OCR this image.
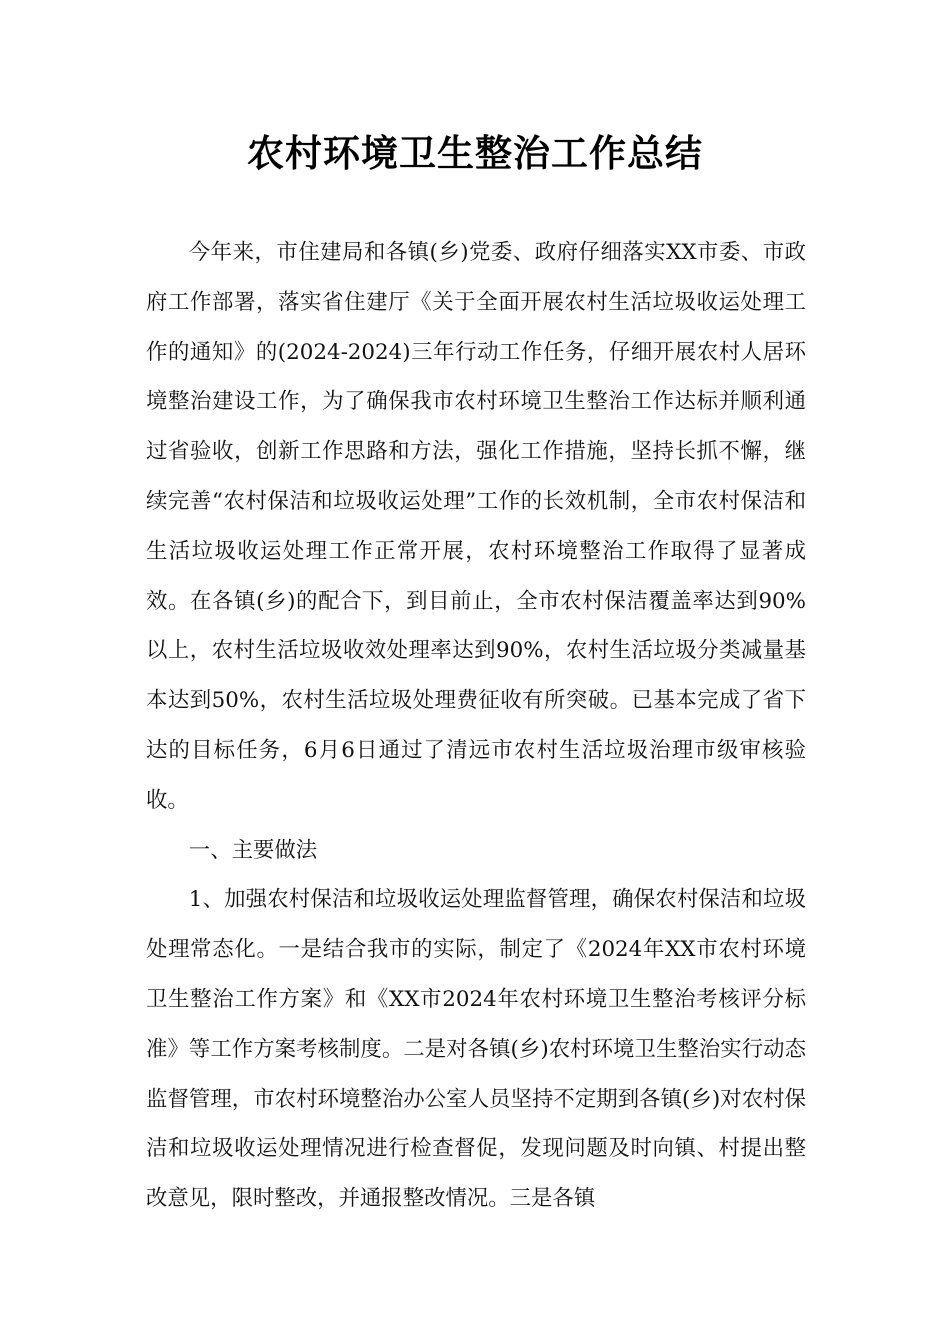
农村环境卫生整治工作总结

今年来，市住建局和各镇(乡)党委、政府仔细落实XX市委、市政府工作部署，落实省住建厅《关于全面开展农村生活垃圾收运处理工作的通知》的(2024-2024)三年行动工作任务，仔细开展农村人居环境整治建设工作，为了确保我市农村环境卫生整治工作达标并顺利通过省验收，创新工作思路和方法，强化工作措施，坚持长抓不懈，继续完善“农村保洁和垃圾收运处理”工作的长效机制，全市农村保洁和生活垃圾收运处理工作正常开展，农村环境整治工作取得了显著成效。在各镇(乡)的配合下，到目前止，全市农村保洁覆盖率达到90%以上，农村生活垃圾收效处理率达到90%，农村生活垃圾分类减量基本达到50%，农村生活垃圾处理费征收有所突破。已基本完成了省下达的目标任务，6月6日通过了清远市农村生活垃圾治理市级审核验收。

一、主要做法

1、加强农村保洁和垃圾收运处理监督管理，确保农村保洁和垃圾处理常态化。一是结合我市的实际，制定了《2024年XX市农村环境卫生整治工作方案》和《XX市2024年农村环境卫生整治考核评分标准》等工作方案考核制度。二是对各镇(乡)农村环境卫生整治实行动态监督管理，市农村环境整治办公室人员坚持不定期到各镇(乡)对农村保洁和垃圾收运处理情况进行检查督促，发现问题及时向镇、村提出整改意见，限时整改，并通报整改情况。三是各镇
